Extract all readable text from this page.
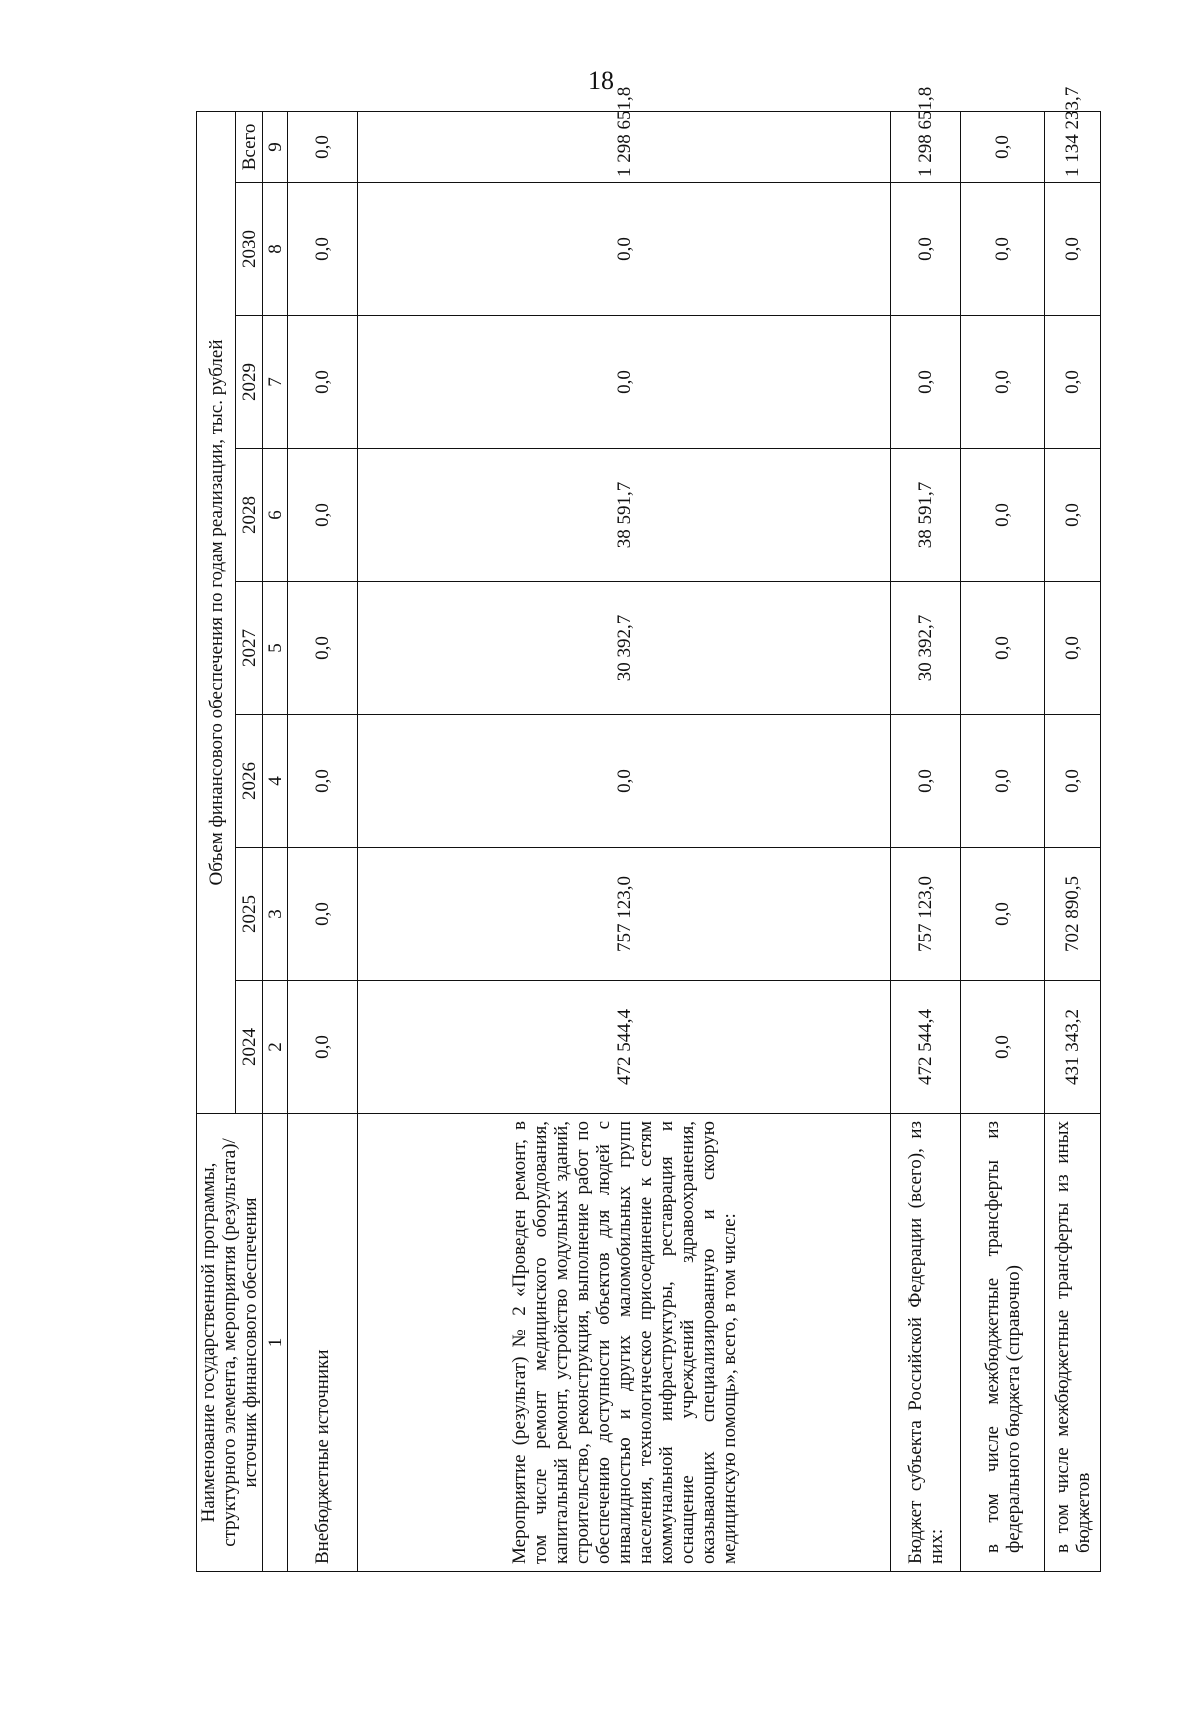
18
Наименование государственной программы, структурного элемента, мероприятия (результата)/источник финансового обеспечения	Объем финансового обеспечения по годам реализации, тыс. рублей							
	2024	2025	2026	2027	2028	2029	2030	Всего
1	2	3	4	5	6	7	8	9
Внебюджетные источники	0,0	0,0	0,0	0,0	0,0	0,0	0,0	0,0
Мероприятие (результат) № 2 «Проведен ремонт, в том числе ремонт медицинского оборудования, капитальный ремонт, устройство модульных зданий, строительство, реконструкция, выполнение работ по обеспечению доступности объектов для людей с инвалидностью и других маломобильных групп населения, технологическое присоединение к сетям коммунальной инфраструктуры, реставрация и оснащение учреждений здравоохранения, оказывающих специализированную и скорую медицинскую помощь», всего, в том числе:	472 544,4	757 123,0	0,0	30 392,7	38 591,7	0,0	0,0	1 298 651,8
Бюджет субъекта Российской Федерации (всего), из них:	472 544,4	757 123,0	0,0	30 392,7	38 591,7	0,0	0,0	1 298 651,8
в том числе межбюджетные трансферты из федерального бюджета (справочно)	0,0	0,0	0,0	0,0	0,0	0,0	0,0	0,0
в том числе межбюджетные трансферты из иных бюджетов	431 343,2	702 890,5	0,0	0,0	0,0	0,0	0,0	1 134 233,7
